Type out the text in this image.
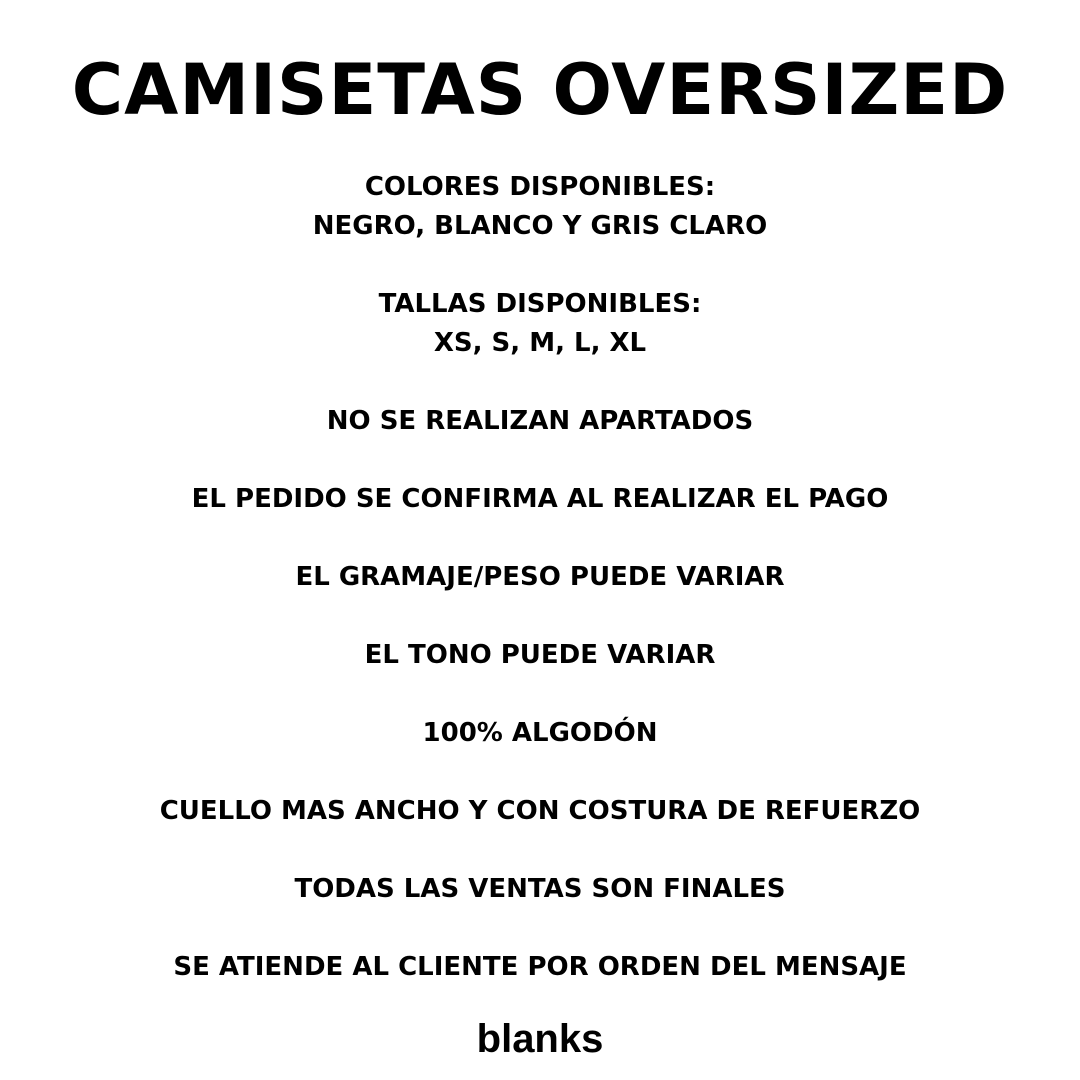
CAMISETAS OVERSIZED
COLORES DISPONIBLES:
NEGRO, BLANCO Y GRIS CLARO
TALLAS DISPONIBLES:
XS, S, M, L, XL
NO SE REALIZAN APARTADOS
EL PEDIDO SE CONFIRMA AL REALIZAR EL PAGO
EL GRAMAJE/PESO PUEDE VARIAR
EL TONO PUEDE VARIAR
100% ALGODÓN
CUELLO MAS ANCHO Y CON COSTURA DE REFUERZO
TODAS LAS VENTAS SON FINALES
SE ATIENDE AL CLIENTE POR ORDEN DEL MENSAJE
blanks
